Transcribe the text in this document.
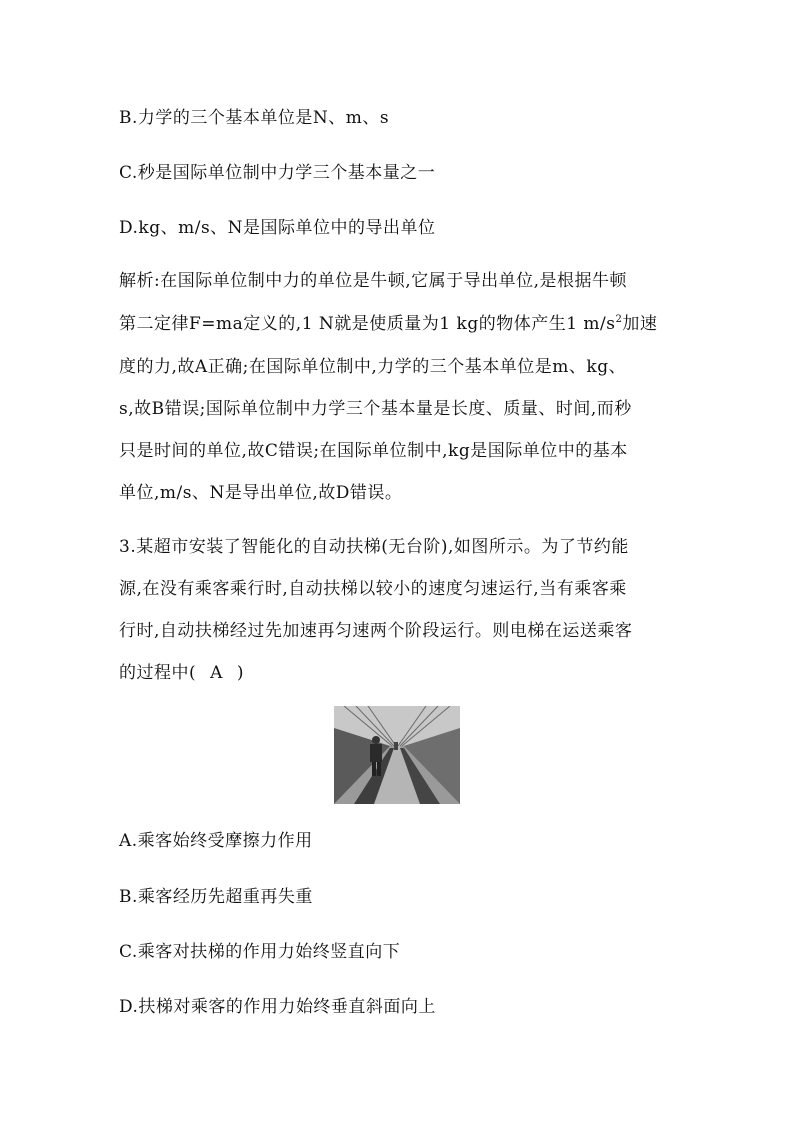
B.力学的三个基本单位是N、m、s
C.秒是国际单位制中力学三个基本量之一
D.kg、m/s、N是国际单位中的导出单位
解析:在国际单位制中力的单位是牛顿,它属于导出单位,是根据牛顿
第二定律F=ma定义的,1 N就是使质量为1 kg的物体产生1 $m/s^2$加速
度的力,故A正确;在国际单位制中,力学的三个基本单位是m、kg、
s,故B错误;国际单位制中力学三个基本量是长度、质量、时间,而秒
只是时间的单位,故C错误;在国际单位制中,kg是国际单位中的基本
单位,m/s、N是导出单位,故D错误。
3.某超市安装了智能化的自动扶梯(无台阶),如图所示。为了节约能
源,在没有乘客乘行时,自动扶梯以较小的速度匀速运行,当有乘客乘
行时,自动扶梯经过先加速再匀速两个阶段运行。则电梯在运送乘客
的过程中( A )
A.乘客始终受摩擦力作用
B.乘客经历先超重再失重
C.乘客对扶梯的作用力始终竖直向下
D.扶梯对乘客的作用力始终垂直斜面向上
